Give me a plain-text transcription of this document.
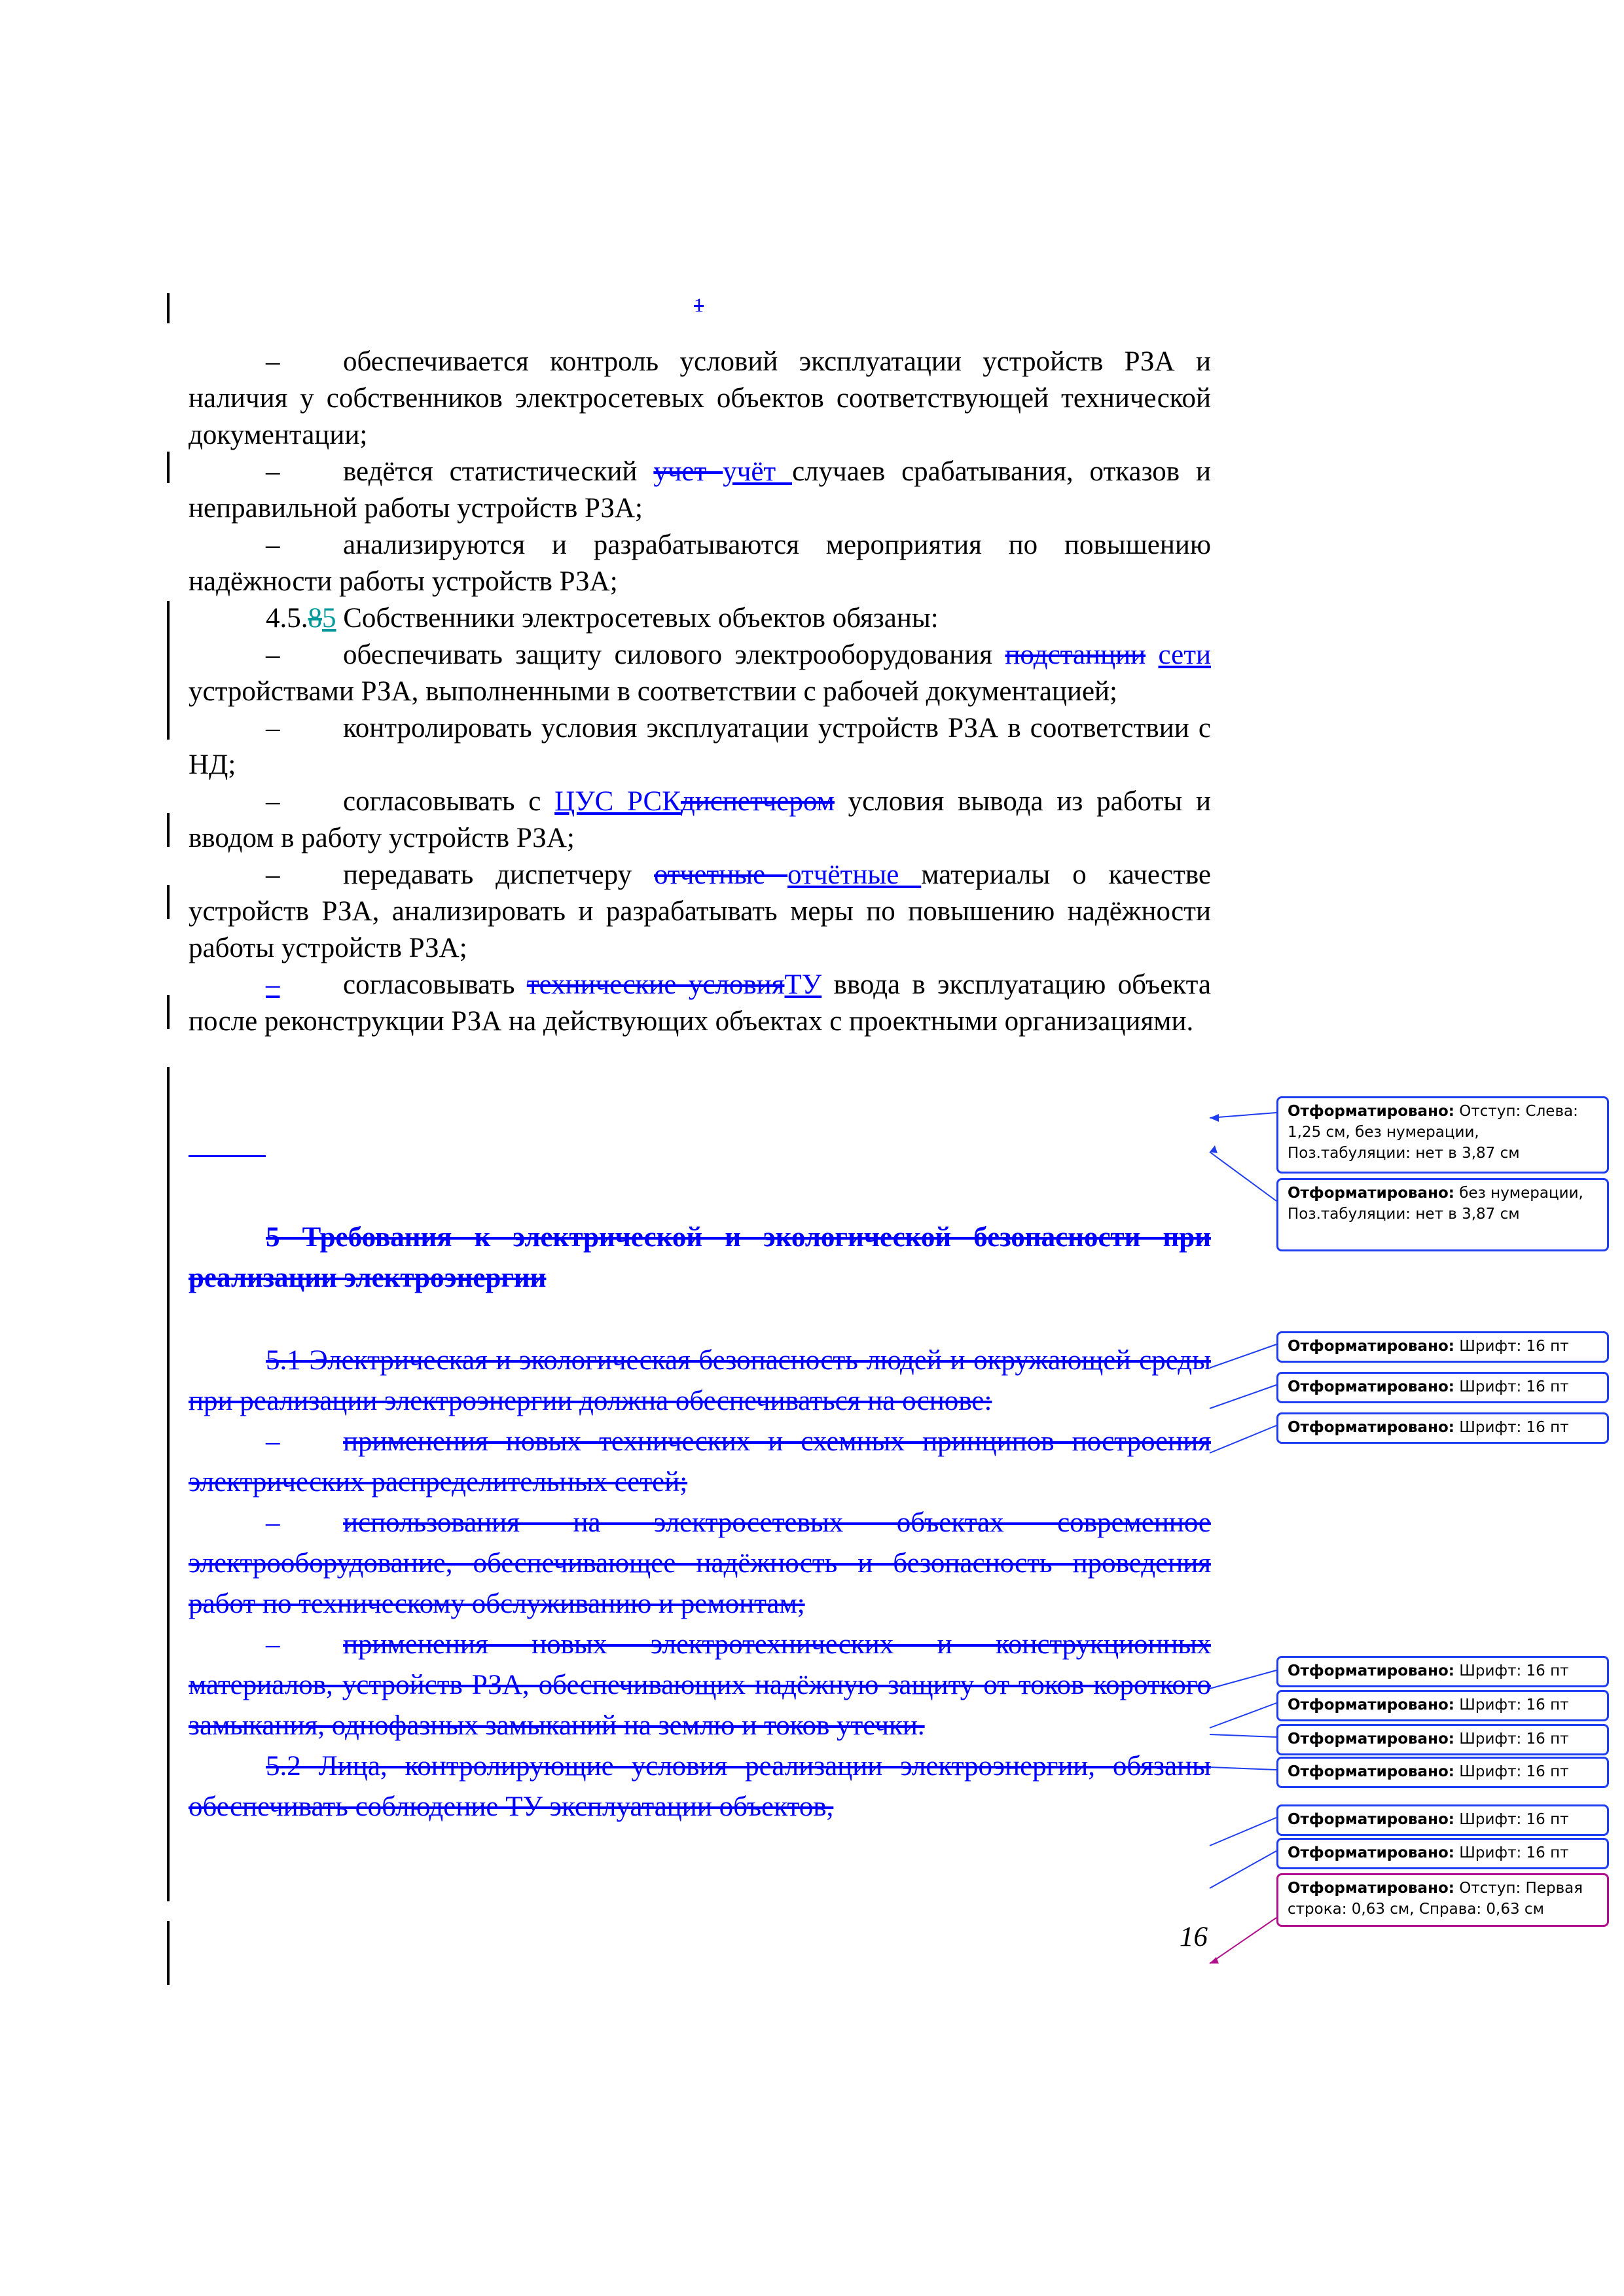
1

– обеспечивается контроль условий эксплуатации устройств РЗА и наличия у собственников электросетевых объектов соответствующей технической документации;

– ведётся статистический учет учёт случаев срабатывания, отказов и неправильной работы устройств РЗА;

– анализируются и разрабатываются мероприятия по повышению надёжности работы устройств РЗА;

4.5.85 Собственники электросетевых объектов обязаны:

– обеспечивать защиту силового электрооборудования подстанции сети устройствами РЗА, выполненными в соответствии с рабочей документацией;

– контролировать условия эксплуатации устройств РЗА в соответствии с НД;

– согласовывать с ЦУС РСКдиспетчером условия вывода из работы и вводом в работу устройств РЗА;

– передавать диспетчеру отчетные отчётные материалы о качестве устройств РЗА, анализировать и разрабатывать меры по повышению надёжности работы устройств РЗА;

– согласовывать технические условияТУ ввода в эксплуатацию объекта после реконструкции РЗА на действующих объектах с проектными организациями.

5 Требования к электрической и экологической безопасности при реализации электроэнергии

5.1 Электрическая и экологическая безопасность людей и окружающей среды при реализации электроэнергии должна обеспечиваться на основе:

– применения новых технических и схемных принципов построения электрических распределительных сетей;

– использования на электросетевых объектах современное электрооборудование, обеспечивающее надёжность и безопасность проведения работ по техническому обслуживанию и ремонтам;

– применения новых электротехнических и конструкционных материалов, устройств РЗА, обеспечивающих надёжную защиту от токов короткого замыкания, однофазных замыканий на землю и токов утечки.

5.2 Лица, контролирующие условия реализации электроэнергии, обязаны обеспечивать соблюдение ТУ эксплуатации объектов,

16
Отформатировано: Отступ: Слева: 1,25 см, без нумерации, Поз.табуляции: нет в 3,87 см
Отформатировано: без нумерации, Поз.табуляции: нет в 3,87 см
Отформатировано: Шрифт: 16 пт
Отформатировано: Шрифт: 16 пт
Отформатировано: Шрифт: 16 пт
Отформатировано: Шрифт: 16 пт
Отформатировано: Шрифт: 16 пт
Отформатировано: Шрифт: 16 пт
Отформатировано: Шрифт: 16 пт
Отформатировано: Шрифт: 16 пт
Отформатировано: Шрифт: 16 пт
Отформатировано: Отступ: Первая строка: 0,63 см, Справа: 0,63 см
